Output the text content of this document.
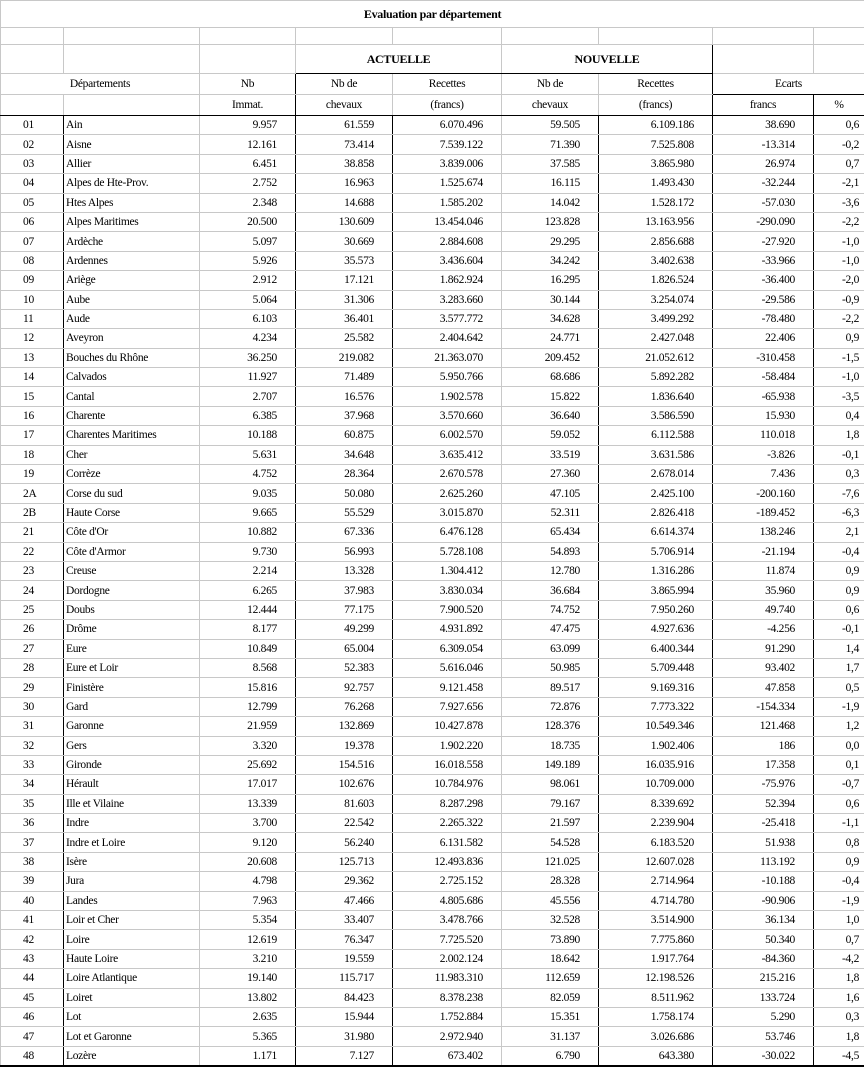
Evaluation par département								

			ACTUELLE		NOUVELLE			
Départements		Nb	Nb de	Recettes	Nb de	Recettes	Ecarts	
		Immat.	chevaux	(francs)	chevaux	(francs)	francs	%
01	Ain	9.957	61.559	6.070.496	59.505	6.109.186	38.690	0,6
02	Aisne	12.161	73.414	7.539.122	71.390	7.525.808	-13.314	-0,2
03	Allier	6.451	38.858	3.839.006	37.585	3.865.980	26.974	0,7
04	Alpes de Hte-Prov.	2.752	16.963	1.525.674	16.115	1.493.430	-32.244	-2,1
05	Htes Alpes	2.348	14.688	1.585.202	14.042	1.528.172	-57.030	-3,6
06	Alpes Maritimes	20.500	130.609	13.454.046	123.828	13.163.956	-290.090	-2,2
07	Ardèche	5.097	30.669	2.884.608	29.295	2.856.688	-27.920	-1,0
08	Ardennes	5.926	35.573	3.436.604	34.242	3.402.638	-33.966	-1,0
09	Ariège	2.912	17.121	1.862.924	16.295	1.826.524	-36.400	-2,0
10	Aube	5.064	31.306	3.283.660	30.144	3.254.074	-29.586	-0,9
11	Aude	6.103	36.401	3.577.772	34.628	3.499.292	-78.480	-2,2
12	Aveyron	4.234	25.582	2.404.642	24.771	2.427.048	22.406	0,9
13	Bouches du Rhône	36.250	219.082	21.363.070	209.452	21.052.612	-310.458	-1,5
14	Calvados	11.927	71.489	5.950.766	68.686	5.892.282	-58.484	-1,0
15	Cantal	2.707	16.576	1.902.578	15.822	1.836.640	-65.938	-3,5
16	Charente	6.385	37.968	3.570.660	36.640	3.586.590	15.930	0,4
17	Charentes Maritimes	10.188	60.875	6.002.570	59.052	6.112.588	110.018	1,8
18	Cher	5.631	34.648	3.635.412	33.519	3.631.586	-3.826	-0,1
19	Corrèze	4.752	28.364	2.670.578	27.360	2.678.014	7.436	0,3
2A	Corse du sud	9.035	50.080	2.625.260	47.105	2.425.100	-200.160	-7,6
2B	Haute Corse	9.665	55.529	3.015.870	52.311	2.826.418	-189.452	-6,3
21	Côte d'Or	10.882	67.336	6.476.128	65.434	6.614.374	138.246	2,1
22	Côte d'Armor	9.730	56.993	5.728.108	54.893	5.706.914	-21.194	-0,4
23	Creuse	2.214	13.328	1.304.412	12.780	1.316.286	11.874	0,9
24	Dordogne	6.265	37.983	3.830.034	36.684	3.865.994	35.960	0,9
25	Doubs	12.444	77.175	7.900.520	74.752	7.950.260	49.740	0,6
26	Drôme	8.177	49.299	4.931.892	47.475	4.927.636	-4.256	-0,1
27	Eure	10.849	65.004	6.309.054	63.099	6.400.344	91.290	1,4
28	Eure et Loir	8.568	52.383	5.616.046	50.985	5.709.448	93.402	1,7
29	Finistère	15.816	92.757	9.121.458	89.517	9.169.316	47.858	0,5
30	Gard	12.799	76.268	7.927.656	72.876	7.773.322	-154.334	-1,9
31	Garonne	21.959	132.869	10.427.878	128.376	10.549.346	121.468	1,2
32	Gers	3.320	19.378	1.902.220	18.735	1.902.406	186	0,0
33	Gironde	25.692	154.516	16.018.558	149.189	16.035.916	17.358	0,1
34	Hérault	17.017	102.676	10.784.976	98.061	10.709.000	-75.976	-0,7
35	Ille et Vilaine	13.339	81.603	8.287.298	79.167	8.339.692	52.394	0,6
36	Indre	3.700	22.542	2.265.322	21.597	2.239.904	-25.418	-1,1
37	Indre et Loire	9.120	56.240	6.131.582	54.528	6.183.520	51.938	0,8
38	Isère	20.608	125.713	12.493.836	121.025	12.607.028	113.192	0,9
39	Jura	4.798	29.362	2.725.152	28.328	2.714.964	-10.188	-0,4
40	Landes	7.963	47.466	4.805.686	45.556	4.714.780	-90.906	-1,9
41	Loir et Cher	5.354	33.407	3.478.766	32.528	3.514.900	36.134	1,0
42	Loire	12.619	76.347	7.725.520	73.890	7.775.860	50.340	0,7
43	Haute Loire	3.210	19.559	2.002.124	18.642	1.917.764	-84.360	-4,2
44	Loire Atlantique	19.140	115.717	11.983.310	112.659	12.198.526	215.216	1,8
45	Loiret	13.802	84.423	8.378.238	82.059	8.511.962	133.724	1,6
46	Lot	2.635	15.944	1.752.884	15.351	1.758.174	5.290	0,3
47	Lot et Garonne	5.365	31.980	2.972.940	31.137	3.026.686	53.746	1,8
48	Lozère	1.171	7.127	673.402	6.790	643.380	-30.022	-4,5
